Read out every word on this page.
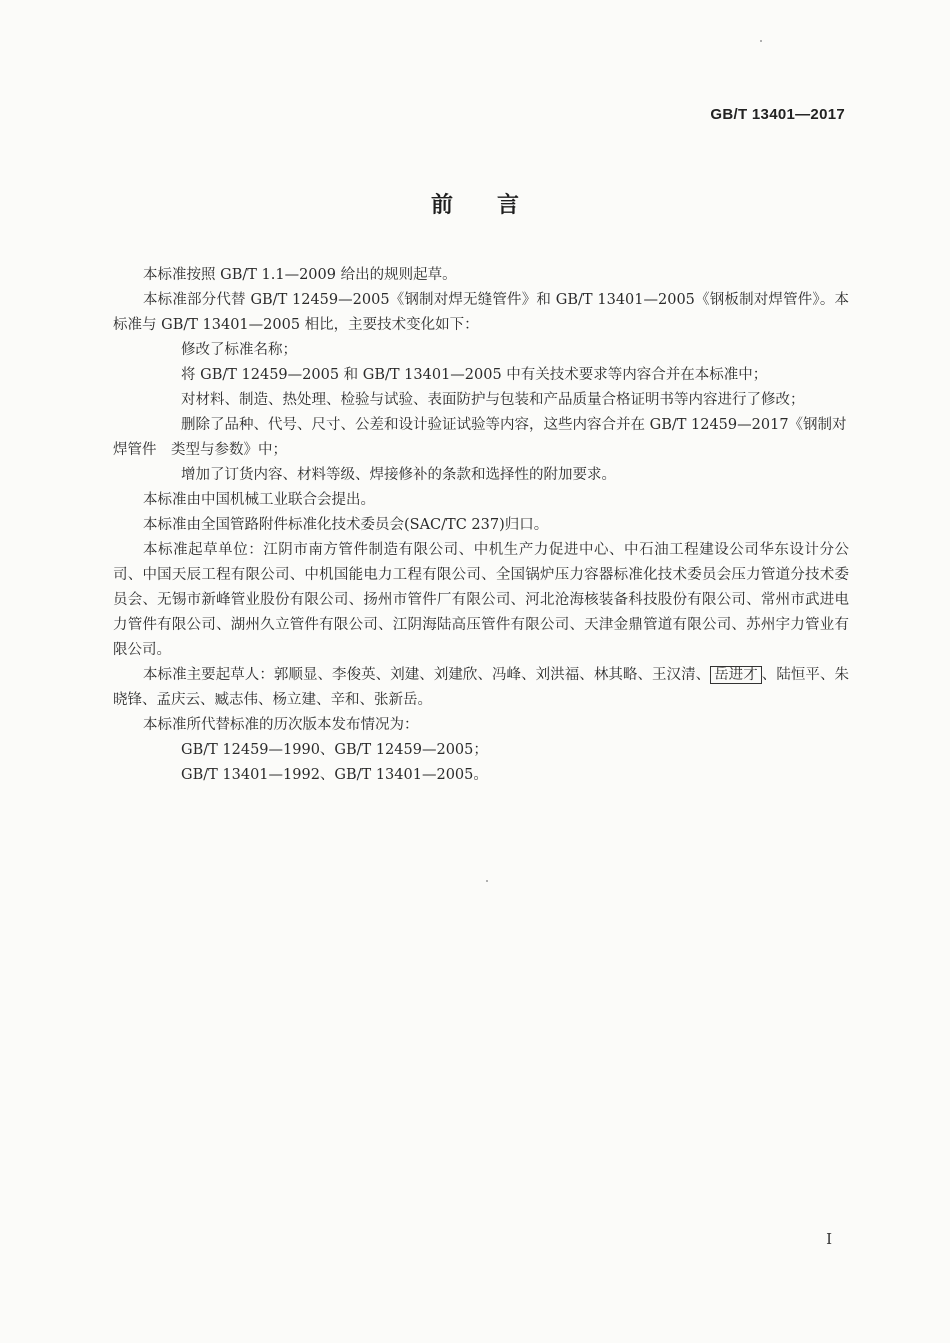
GB/T 13401—2017
前言

本标准按照 GB/T 1.1—2009 给出的规则起草。

本标准部分代替 GB/T 12459—2005《钢制对焊无缝管件》和 GB/T 13401—2005《钢板制对焊管件》。本标准与 GB/T 13401—2005 相比，主要技术变化如下：

修改了标准名称；

将 GB/T 12459—2005 和 GB/T 13401—2005 中有关技术要求等内容合并在本标准中；

对材料、制造、热处理、检验与试验、表面防护与包装和产品质量合格证明书等内容进行了修改；

删除了品种、代号、尺寸、公差和设计验证试验等内容，这些内容合并在 GB/T 12459—2017《钢制对焊管件　类型与参数》中；

增加了订货内容、材料等级、焊接修补的条款和选择性的附加要求。

本标准由中国机械工业联合会提出。

本标准由全国管路附件标准化技术委员会(SAC/TC 237)归口。

本标准起草单位：江阴市南方管件制造有限公司、中机生产力促进中心、中石油工程建设公司华东设计分公司、中国天辰工程有限公司、中机国能电力工程有限公司、全国锅炉压力容器标准化技术委员会压力管道分技术委员会、无锡市新峰管业股份有限公司、扬州市管件厂有限公司、河北沧海核装备科技股份有限公司、常州市武进电力管件有限公司、湖州久立管件有限公司、江阴海陆高压管件有限公司、天津金鼎管道有限公司、苏州宇力管业有限公司。

本标准主要起草人：郭顺显、李俊英、刘建、刘建欣、冯峰、刘洪福、林其略、王汉清、 岳进才 、陆恒平、朱晓锋、孟庆云、臧志伟、杨立建、辛和、张新岳。

本标准所代替标准的历次版本发布情况为：

GB/T 12459—1990、GB/T 12459—2005；

GB/T 13401—1992、GB/T 13401—2005。

I
